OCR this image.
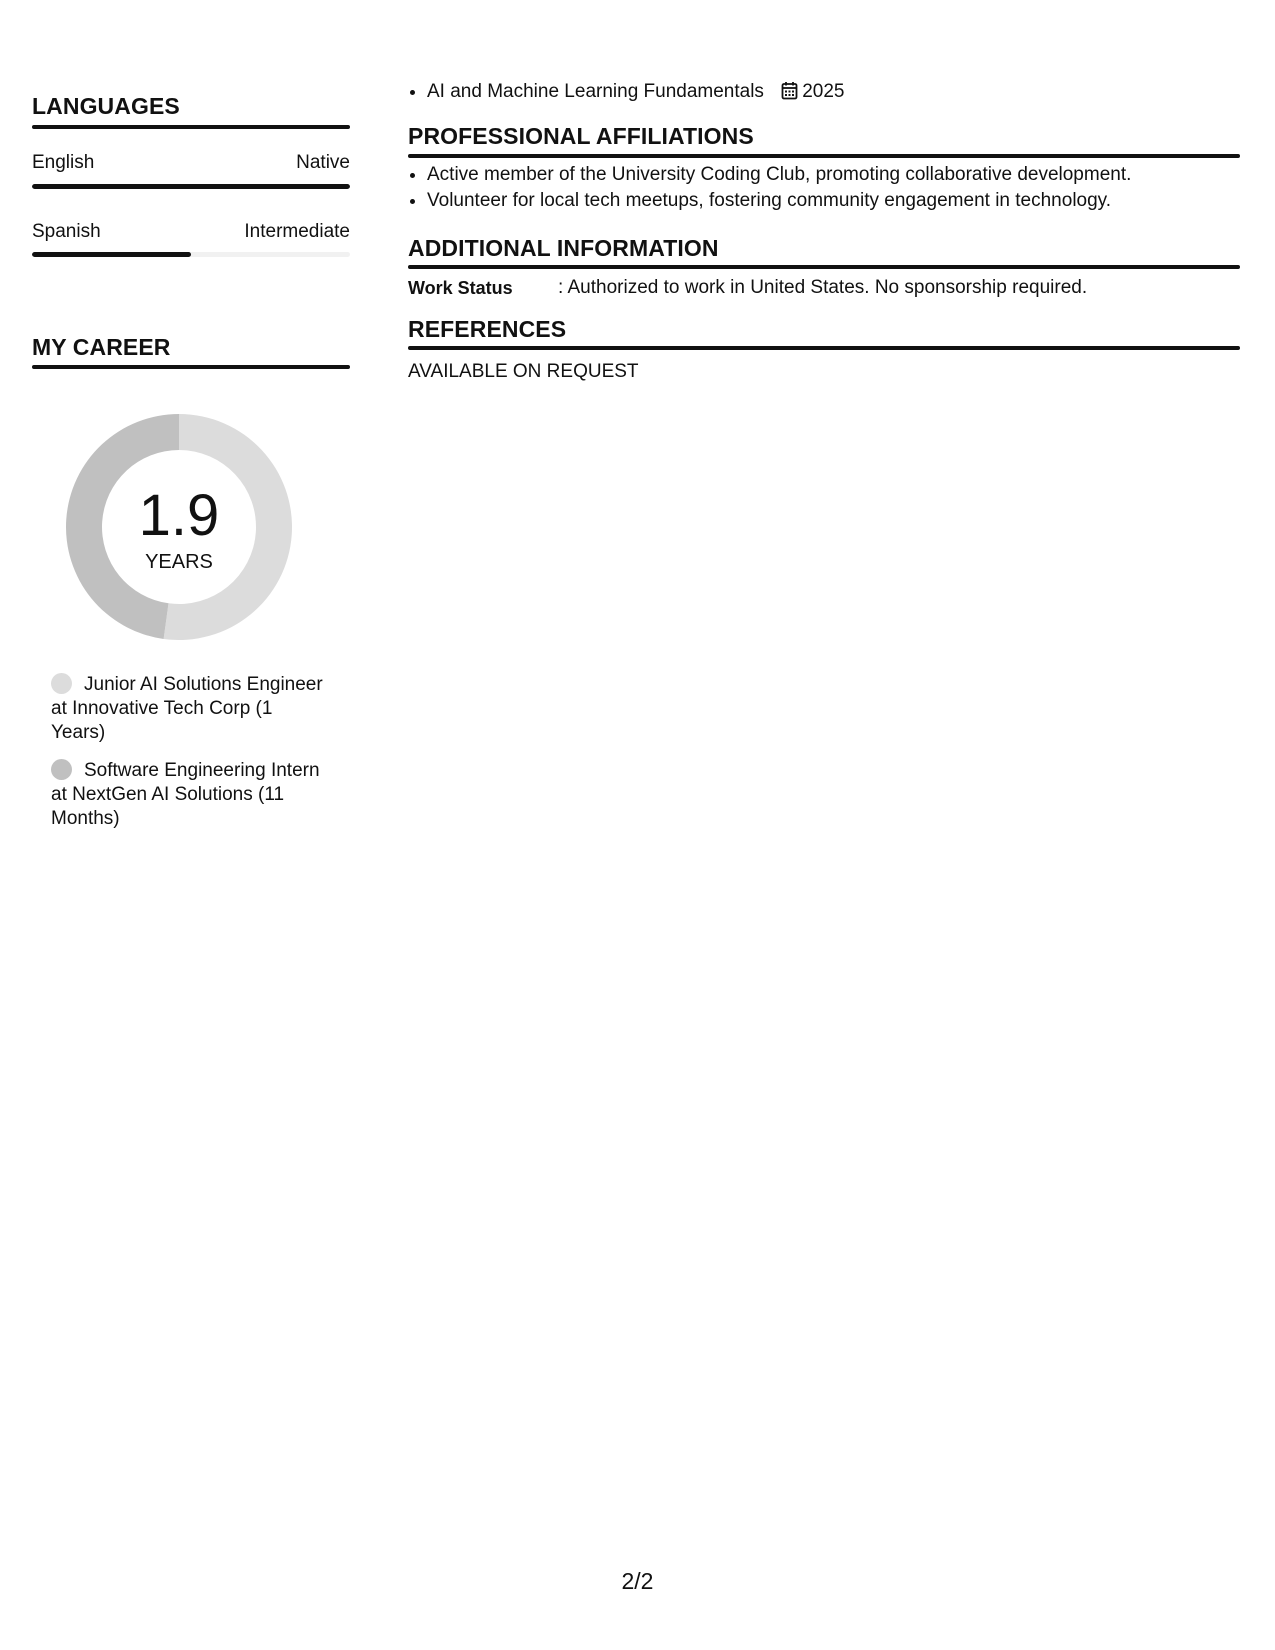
LANGUAGES
English	Native
Spanish	Intermediate
MY CAREER
1.9
YEARS
Junior AI Solutions Engineer at Innovative Tech Corp (1 Years)
Software Engineering Intern at NextGen AI Solutions (11 Months)
• AI and Machine Learning Fundamentals 2025
PROFESSIONAL AFFILIATIONS
• Active member of the University Coding Club, promoting collaborative development.
• Volunteer for local tech meetups, fostering community engagement in technology.
ADDITIONAL INFORMATION
Work Status : Authorized to work in United States. No sponsorship required.
REFERENCES
AVAILABLE ON REQUEST
2/2
